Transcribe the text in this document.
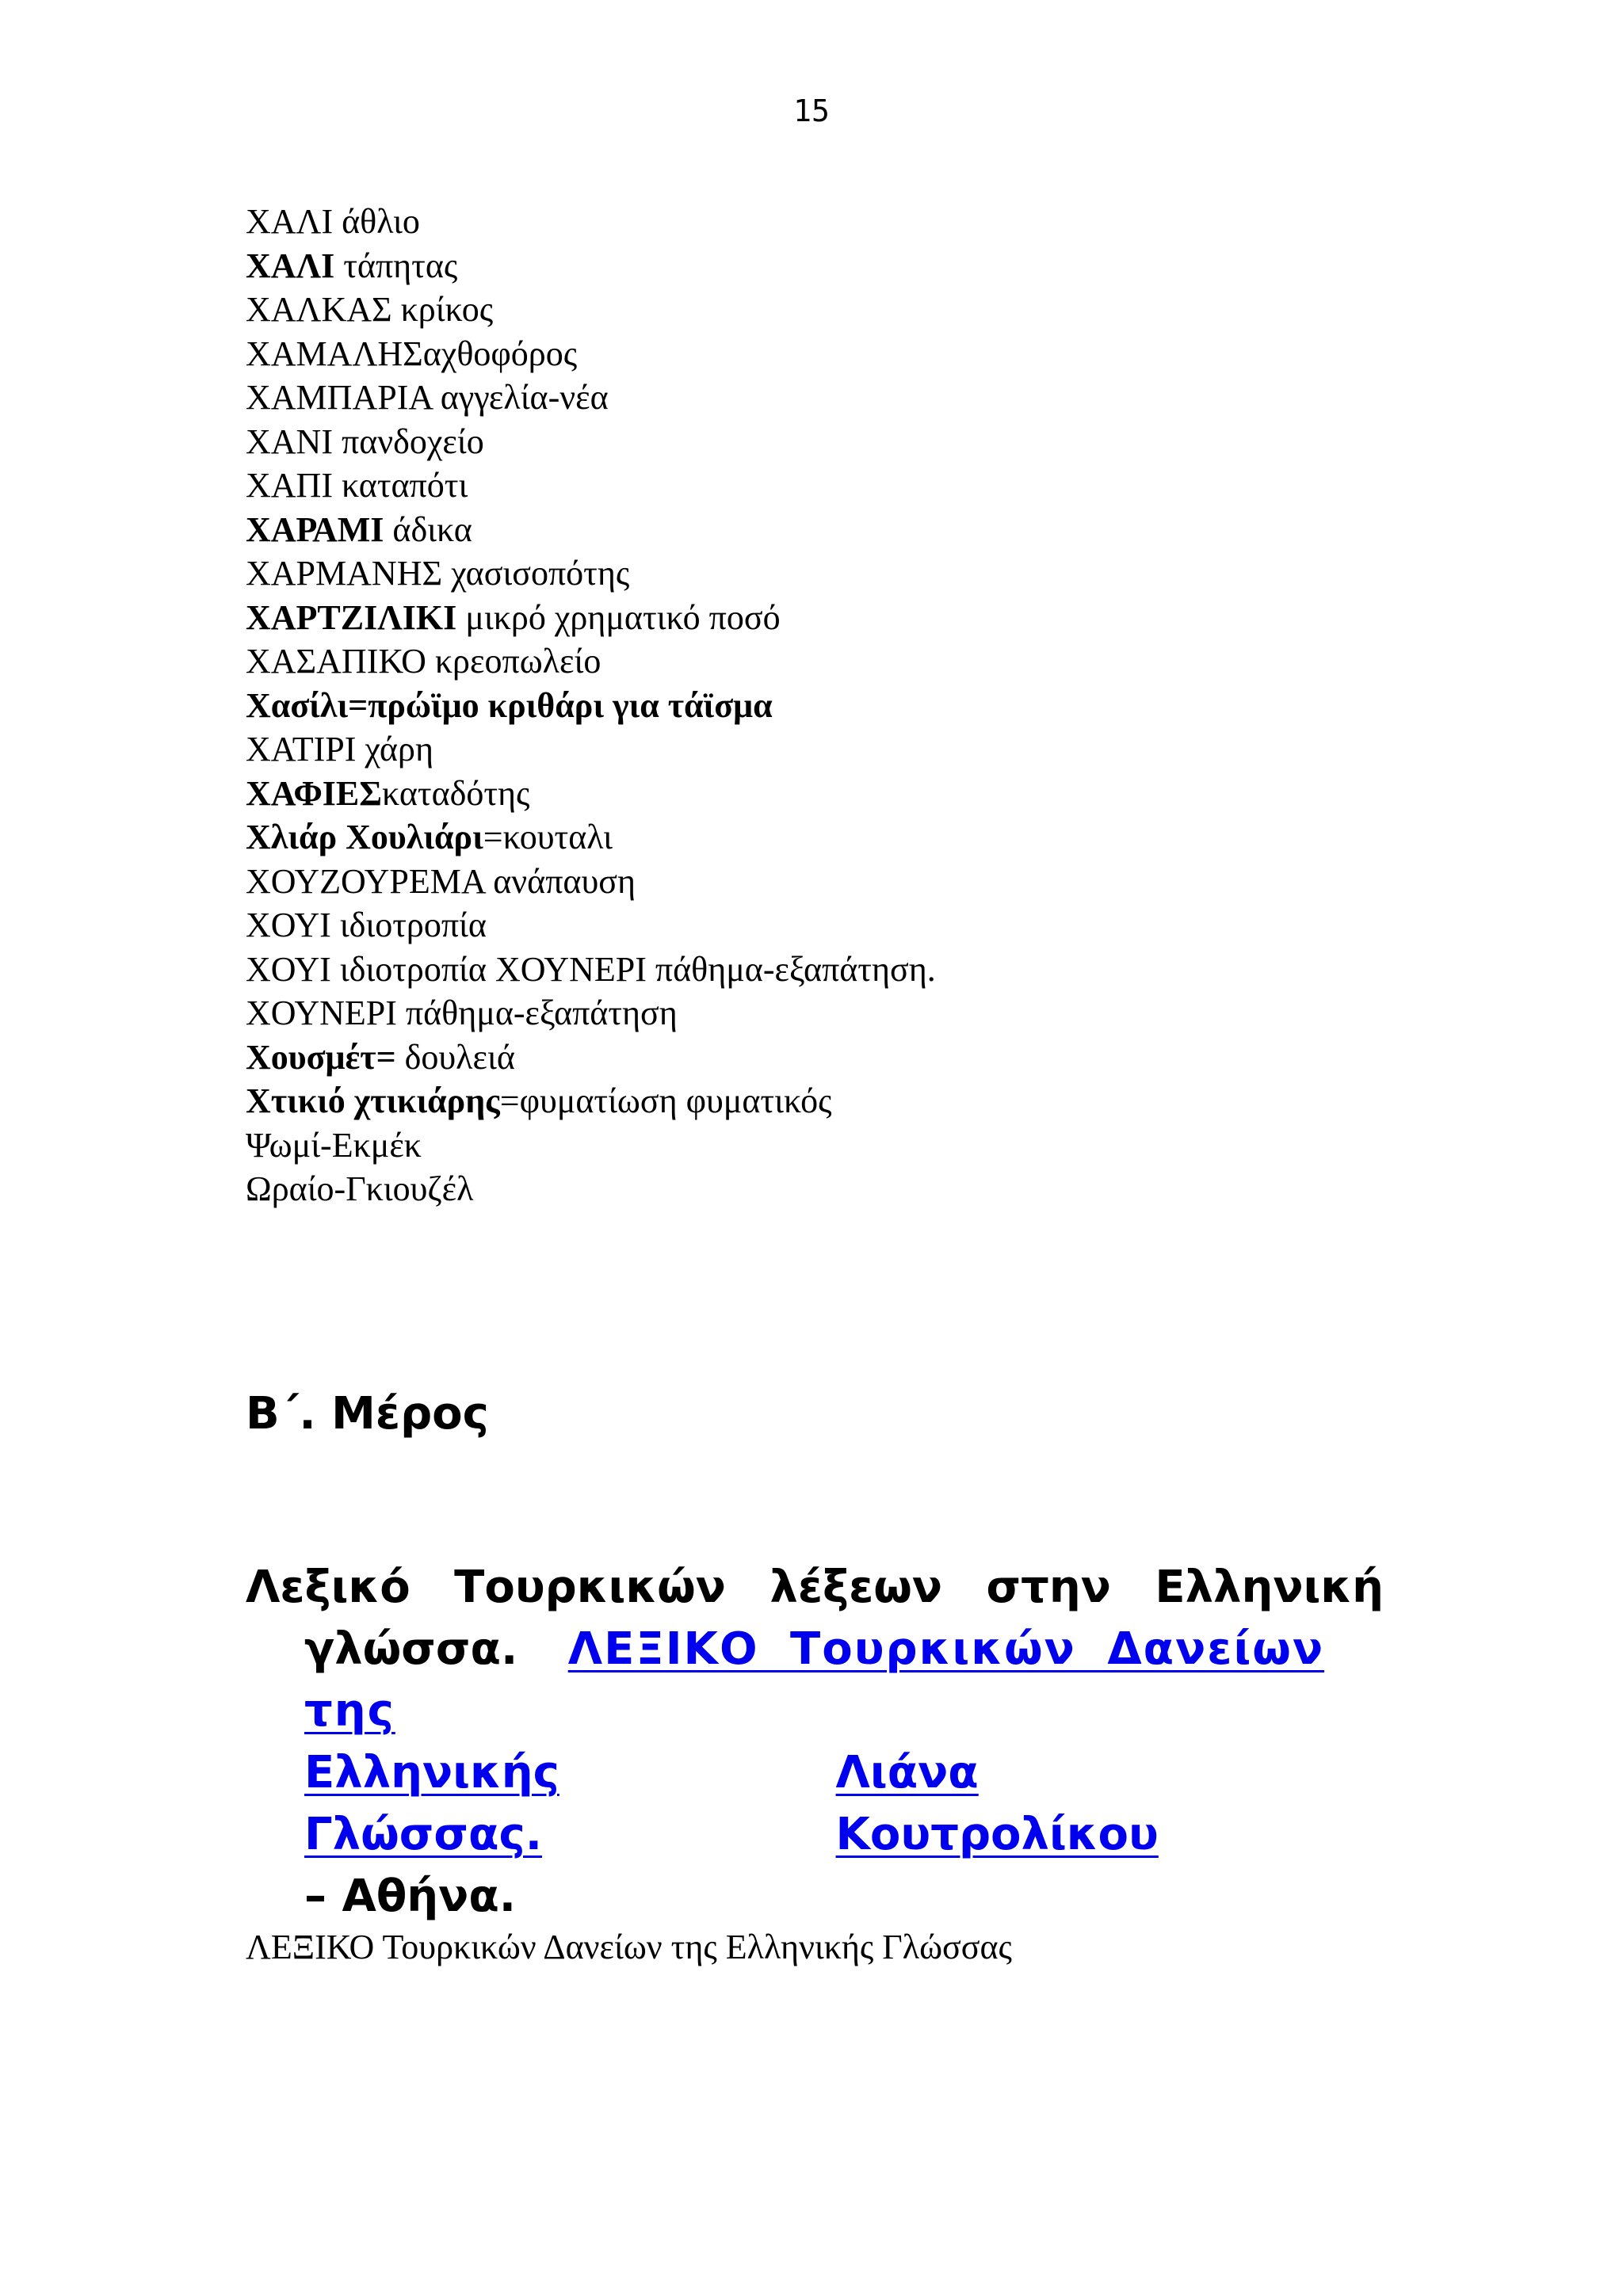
15
ΧΑΛΙ άθλιο
ΧΑΛΙ τάπητας
ΧΑΛΚΑΣ κρίκος
ΧΑΜΑΛΗΣαχθοφόρος
ΧΑΜΠΑΡΙΑ αγγελία-νέα
ΧΑΝΙ πανδοχείο
ΧΑΠΙ καταπότι
ΧΑΡΑΜΙ άδικα
ΧΑΡΜΑΝΗΣ χασισοπότης
ΧΑΡΤΖΙΛΙΚΙ μικρό χρηματικό ποσό
ΧΑΣΑΠΙΚΟ κρεοπωλείο
Χασίλι=πρώϊμο κριθάρι για τάϊσμα
ΧΑΤΙΡΙ χάρη
ΧΑΦΙΕΣκαταδότης
Χλιάρ Χουλιάρι=κουταλι
ΧΟΥΖΟΥΡΕΜΑ ανάπαυση
ΧΟΥΙ ιδιοτροπία
ΧΟΥΙ ιδιοτροπία ΧΟΥΝΕΡΙ πάθημα-εξαπάτηση.
ΧΟΥΝΕΡΙ πάθημα-εξαπάτηση
Χουσμέτ= δουλειά
Χτικιό χτικιάρης=φυματίωση φυματικός
Ψωμί-Εκμέκ
Ωραίο-Γκιουζέλ
Β΄. Μέρος
Λεξικό Τουρκικών λέξεων στην Ελληνική
γλώσσα. ΛΕΞΙΚΟ Τουρκικών Δανείων της
Ελληνικής Γλώσσας.
Λιάνα Κουτρολίκου
– Αθήνα.
ΛΕΞΙΚΟ Τουρκικών Δανείων της Ελληνικής Γλώσσας
